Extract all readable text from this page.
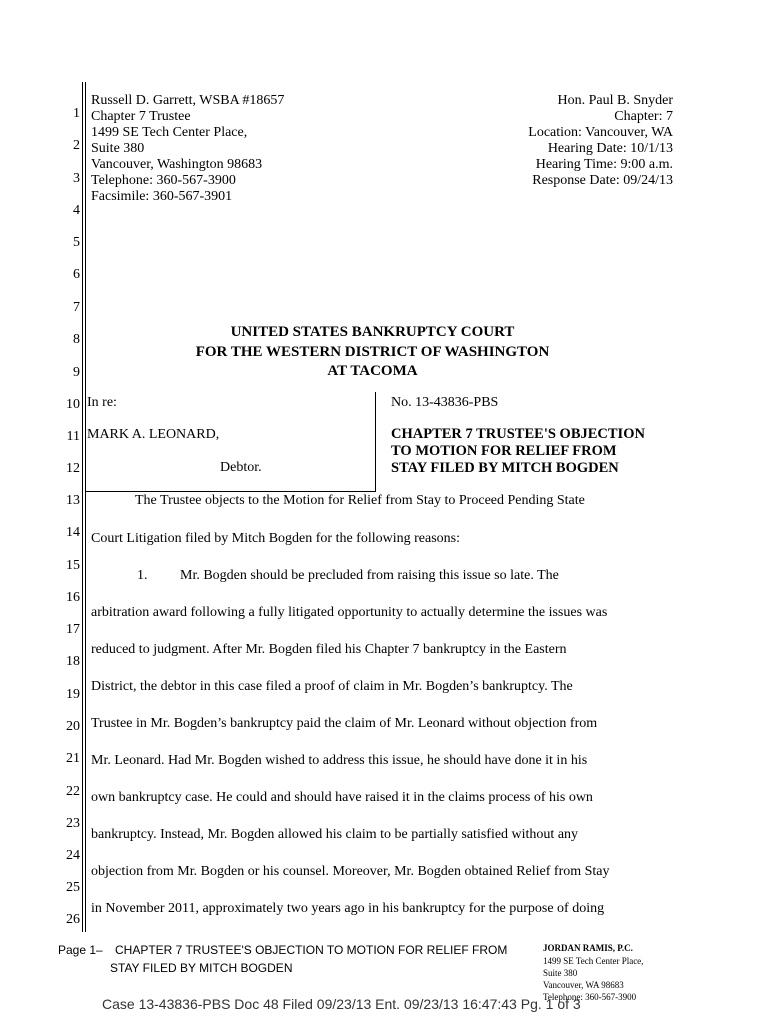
1
2
3
4
5
6
7
8
9
10
11
12
13
14
15
16
17
18
19
20
21
22
23
24
25
26
Russell D. Garrett, WSBA #18657
Chapter 7 Trustee
1499 SE Tech Center Place,
Suite 380
Vancouver, Washington 98683
Telephone: 360-567-3900
Facsimile: 360-567-3901
Hon. Paul B. Snyder
Chapter: 7
Location: Vancouver, WA
Hearing Date: 10/1/13
Hearing Time: 9:00 a.m.
Response Date: 09/24/13
UNITED STATES BANKRUPTCY COURT
FOR THE WESTERN DISTRICT OF WASHINGTON
AT TACOMA
In re:
MARK A. LEONARD,
Debtor.
No. 13-43836-PBS
CHAPTER 7 TRUSTEE'S OBJECTION
TO MOTION FOR RELIEF FROM
STAY FILED BY MITCH BOGDEN
The Trustee objects to the Motion for Relief from Stay to Proceed Pending State
Court Litigation filed by Mitch Bogden for the following reasons:
1. Mr. Bogden should be precluded from raising this issue so late. The
arbitration award following a fully litigated opportunity to actually determine the issues was
reduced to judgment. After Mr. Bogden filed his Chapter 7 bankruptcy in the Eastern
District, the debtor in this case filed a proof of claim in Mr. Bogden’s bankruptcy. The
Trustee in Mr. Bogden’s bankruptcy paid the claim of Mr. Leonard without objection from
Mr. Leonard. Had Mr. Bogden wished to address this issue, he should have done it in his
own bankruptcy case. He could and should have raised it in the claims process of his own
bankruptcy. Instead, Mr. Bogden allowed his claim to be partially satisfied without any
objection from Mr. Bogden or his counsel. Moreover, Mr. Bogden obtained Relief from Stay
in November 2011, approximately two years ago in his bankruptcy for the purpose of doing
Page 1– CHAPTER 7 TRUSTEE'S OBJECTION TO MOTION FOR RELIEF FROM
STAY FILED BY MITCH BOGDEN
JORDAN RAMIS, P.C.
1499 SE Tech Center Place,
Suite 380
Vancouver, WA 98683
Telephone: 360-567-3900
Case 13-43836-PBS Doc 48 Filed 09/23/13 Ent. 09/23/13 16:47:43 Pg. 1 of 3
